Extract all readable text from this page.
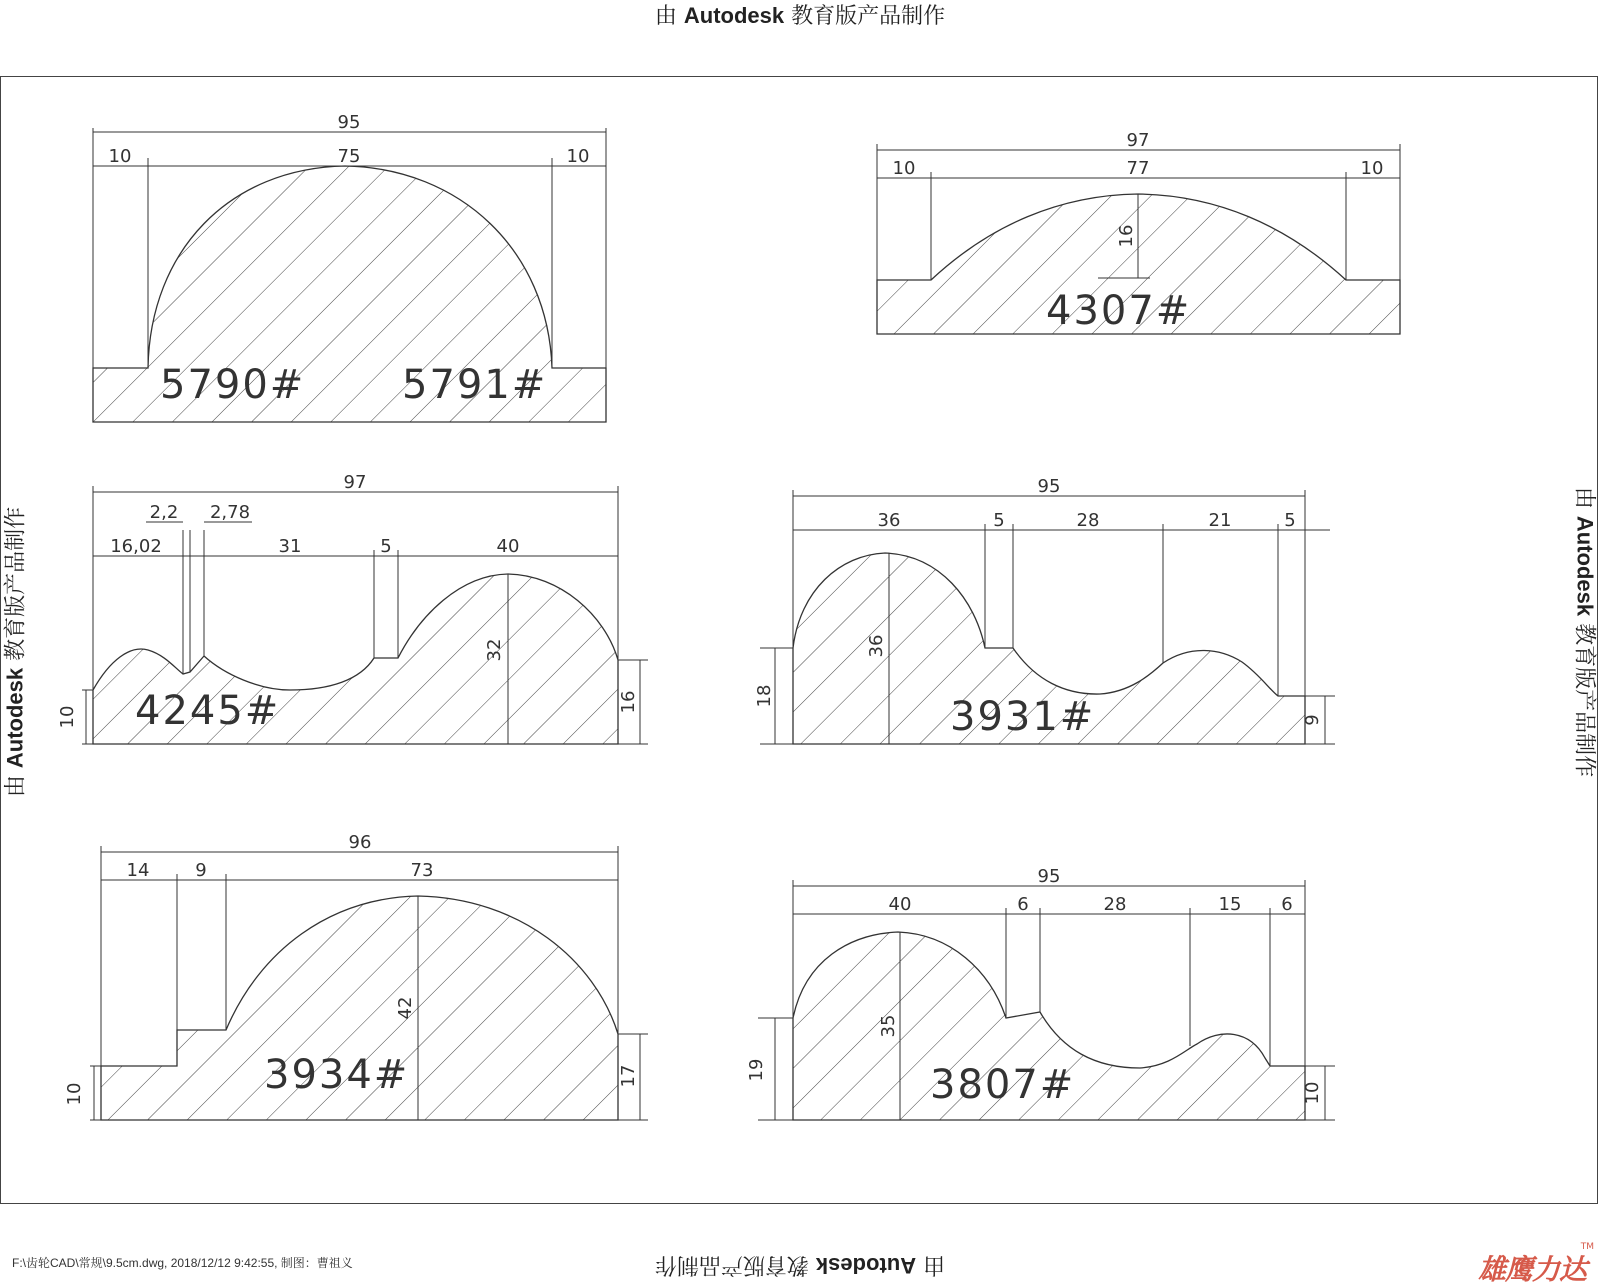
由 Autodesk 教育版产品制作
由 Autodesk 教育版产品制作
由 Autodesk 教育版产品制作
由 Autodesk 教育版产品制作
95
10	75	10
5790# 5791#
97
10	77	10
16
4307#
97
16,02
2,2 2,78
31	5	40
10
32
16
4245#
95
36	5	28	21	5
18
36
9
3931#
96
14	9	73
10
42
17
3934#
95
40	6	28	15 6
19
35
10
3807#
F:\齿轮CAD\常规\9.5cm.dwg, 2018/12/12 9:42:55, 制图：曹祖义	雄鹰力达
TM
